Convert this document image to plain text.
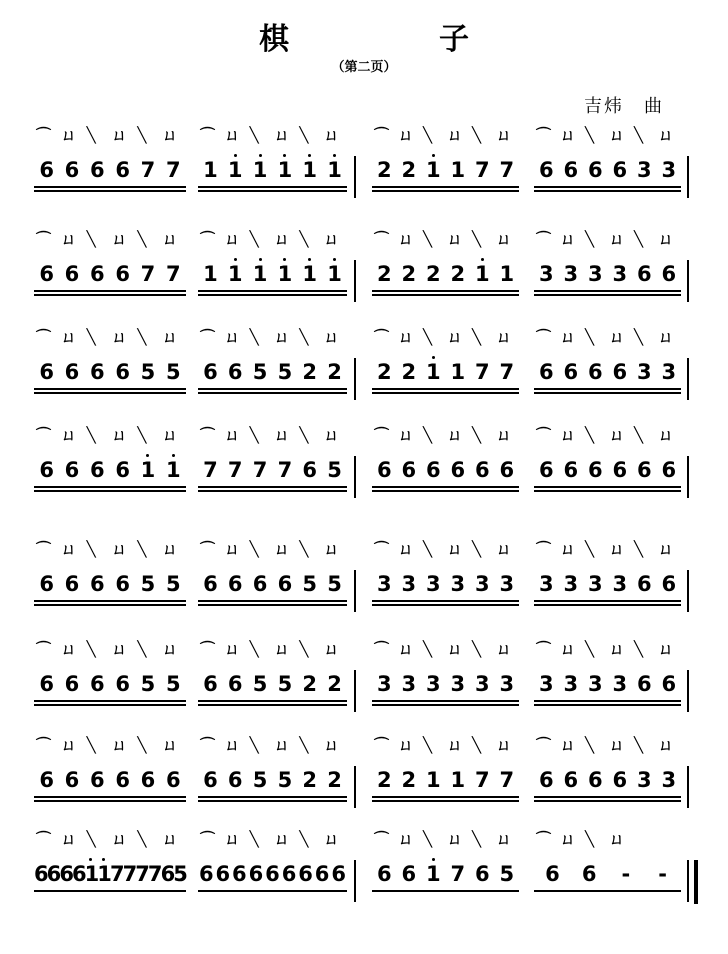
棋　子
（第二页）
吉炜　曲
⌒ ㄩ ╲ ㄩ ╲ ㄩ
6 6 6 6 7 7
⌒ ㄩ ╲ ㄩ ╲ ㄩ
1 1 1 1 1 1
⌒ ㄩ ╲ ㄩ ╲ ㄩ
2 2 1 1 7 7
⌒ ㄩ ╲ ㄩ ╲ ㄩ
6 6 6 6 3 3
⌒ ㄩ ╲ ㄩ ╲ ㄩ
6 6 6 6 7 7
⌒ ㄩ ╲ ㄩ ╲ ㄩ
1 1 1 1 1 1
⌒ ㄩ ╲ ㄩ ╲ ㄩ
2 2 2 2 1 1
⌒ ㄩ ╲ ㄩ ╲ ㄩ
3 3 3 3 6 6
⌒ ㄩ ╲ ㄩ ╲ ㄩ
6 6 6 6 5 5
⌒ ㄩ ╲ ㄩ ╲ ㄩ
6 6 5 5 2 2
⌒ ㄩ ╲ ㄩ ╲ ㄩ
2 2 1 1 7 7
⌒ ㄩ ╲ ㄩ ╲ ㄩ
6 6 6 6 3 3
⌒ ㄩ ╲ ㄩ ╲ ㄩ
6 6 6 6 1 1
⌒ ㄩ ╲ ㄩ ╲ ㄩ
7 7 7 7 6 5
⌒ ㄩ ╲ ㄩ ╲ ㄩ
6 6 6 6 6 6
⌒ ㄩ ╲ ㄩ ╲ ㄩ
6 6 6 6 6 6
⌒ ㄩ ╲ ㄩ ╲ ㄩ
6 6 6 6 5 5
⌒ ㄩ ╲ ㄩ ╲ ㄩ
6 6 6 6 5 5
⌒ ㄩ ╲ ㄩ ╲ ㄩ
3 3 3 3 3 3
⌒ ㄩ ╲ ㄩ ╲ ㄩ
3 3 3 3 6 6
⌒ ㄩ ╲ ㄩ ╲ ㄩ
6 6 6 6 5 5
⌒ ㄩ ╲ ㄩ ╲ ㄩ
6 6 5 5 2 2
⌒ ㄩ ╲ ㄩ ╲ ㄩ
3 3 3 3 3 3
⌒ ㄩ ╲ ㄩ ╲ ㄩ
3 3 3 3 6 6
⌒ ㄩ ╲ ㄩ ╲ ㄩ
6 6 6 6 6 6
⌒ ㄩ ╲ ㄩ ╲ ㄩ
6 6 5 5 2 2
⌒ ㄩ ╲ ㄩ ╲ ㄩ
2 2 1 1 7 7
⌒ ㄩ ╲ ㄩ ╲ ㄩ
6 6 6 6 3 3
⌒ ㄩ ╲ ㄩ ╲ ㄩ
66661
1
777765
⌒ ㄩ ╲ ㄩ ╲ ㄩ
666666666
⌒ ㄩ ╲ ㄩ ╲ ㄩ
6 6 1 7 6 5
⌒ ㄩ ╲ ㄩ
6 6 - -
